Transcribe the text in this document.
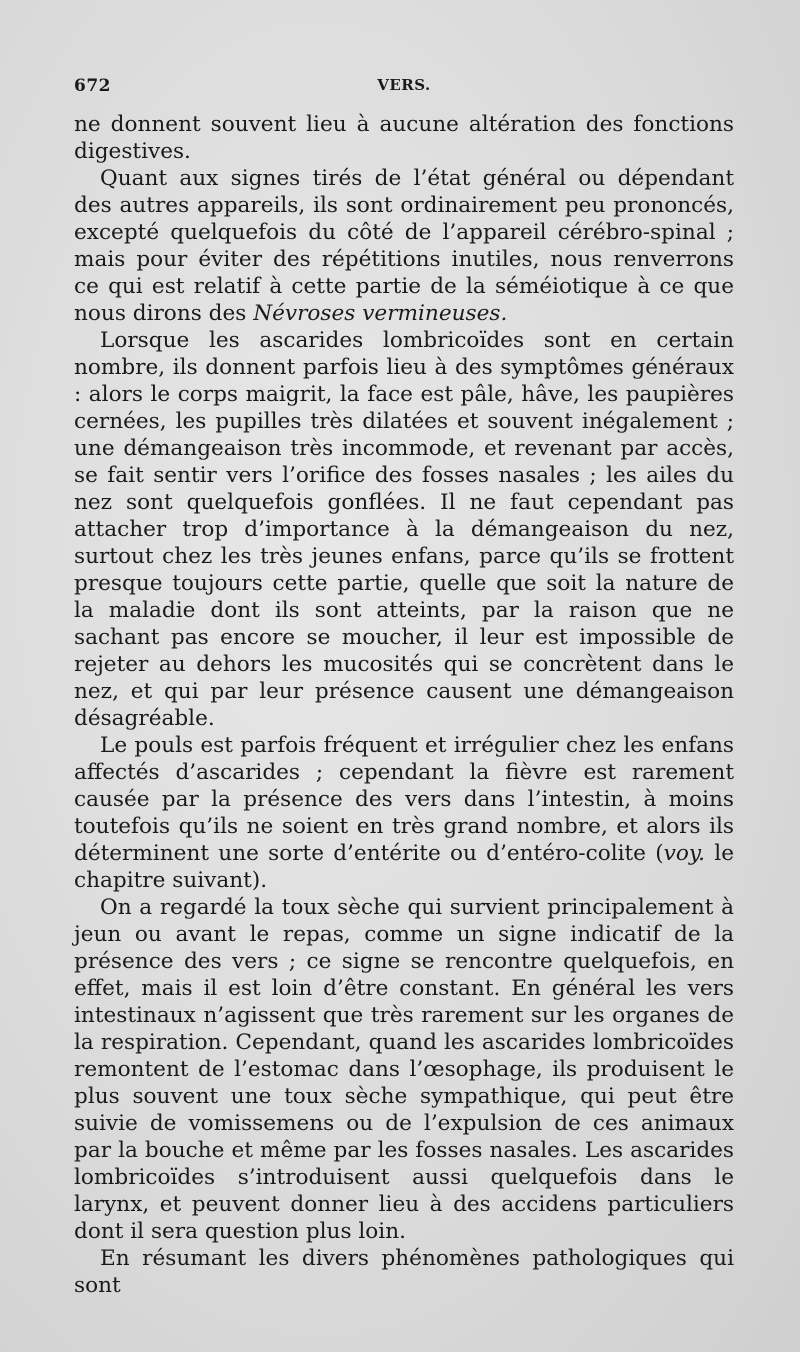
672	VERS.

ne donnent souvent lieu à aucune altération des fonctions digestives.

Quant aux signes tirés de l’état général ou dépendant des autres appareils, ils sont ordinairement peu prononcés, excepté quelquefois du côté de l’appareil cérébro-spinal ; mais pour éviter des répétitions inutiles, nous renverrons ce qui est relatif à cette partie de la séméiotique à ce que nous dirons des Névroses vermineuses.

Lorsque les ascarides lombricoïdes sont en certain nombre, ils donnent parfois lieu à des symptômes généraux : alors le corps maigrit, la face est pâle, hâve, les paupières cernées, les pupilles très dilatées et souvent inégalement ; une démangeaison très incommode, et revenant par accès, se fait sentir vers l’orifice des fosses nasales ; les ailes du nez sont quelquefois gonflées. Il ne faut cependant pas attacher trop d’importance à la démangeaison du nez, surtout chez les très jeunes enfans, parce qu’ils se frottent presque toujours cette partie, quelle que soit la nature de la maladie dont ils sont atteints, par la raison que ne sachant pas encore se moucher, il leur est impossible de rejeter au dehors les mucosités qui se concrètent dans le nez, et qui par leur présence causent une démangeaison désagréable.

Le pouls est parfois fréquent et irrégulier chez les enfans affectés d’ascarides ; cependant la fièvre est rarement causée par la présence des vers dans l’intestin, à moins toutefois qu’ils ne soient en très grand nombre, et alors ils déterminent une sorte d’entérite ou d’entéro-colite (voy. le chapitre suivant).

On a regardé la toux sèche qui survient principalement à jeun ou avant le repas, comme un signe indicatif de la présence des vers ; ce signe se rencontre quelquefois, en effet, mais il est loin d’être constant. En général les vers intestinaux n’agissent que très rarement sur les organes de la respiration. Cependant, quand les ascarides lombricoïdes remontent de l’estomac dans l’œsophage, ils produisent le plus souvent une toux sèche sympathique, qui peut être suivie de vomissemens ou de l’expulsion de ces animaux par la bouche et même par les fosses nasales. Les ascarides lombricoïdes s’introduisent aussi quelquefois dans le larynx, et peuvent donner lieu à des accidens particuliers dont il sera question plus loin.

En résumant les divers phénomènes pathologiques qui sont
